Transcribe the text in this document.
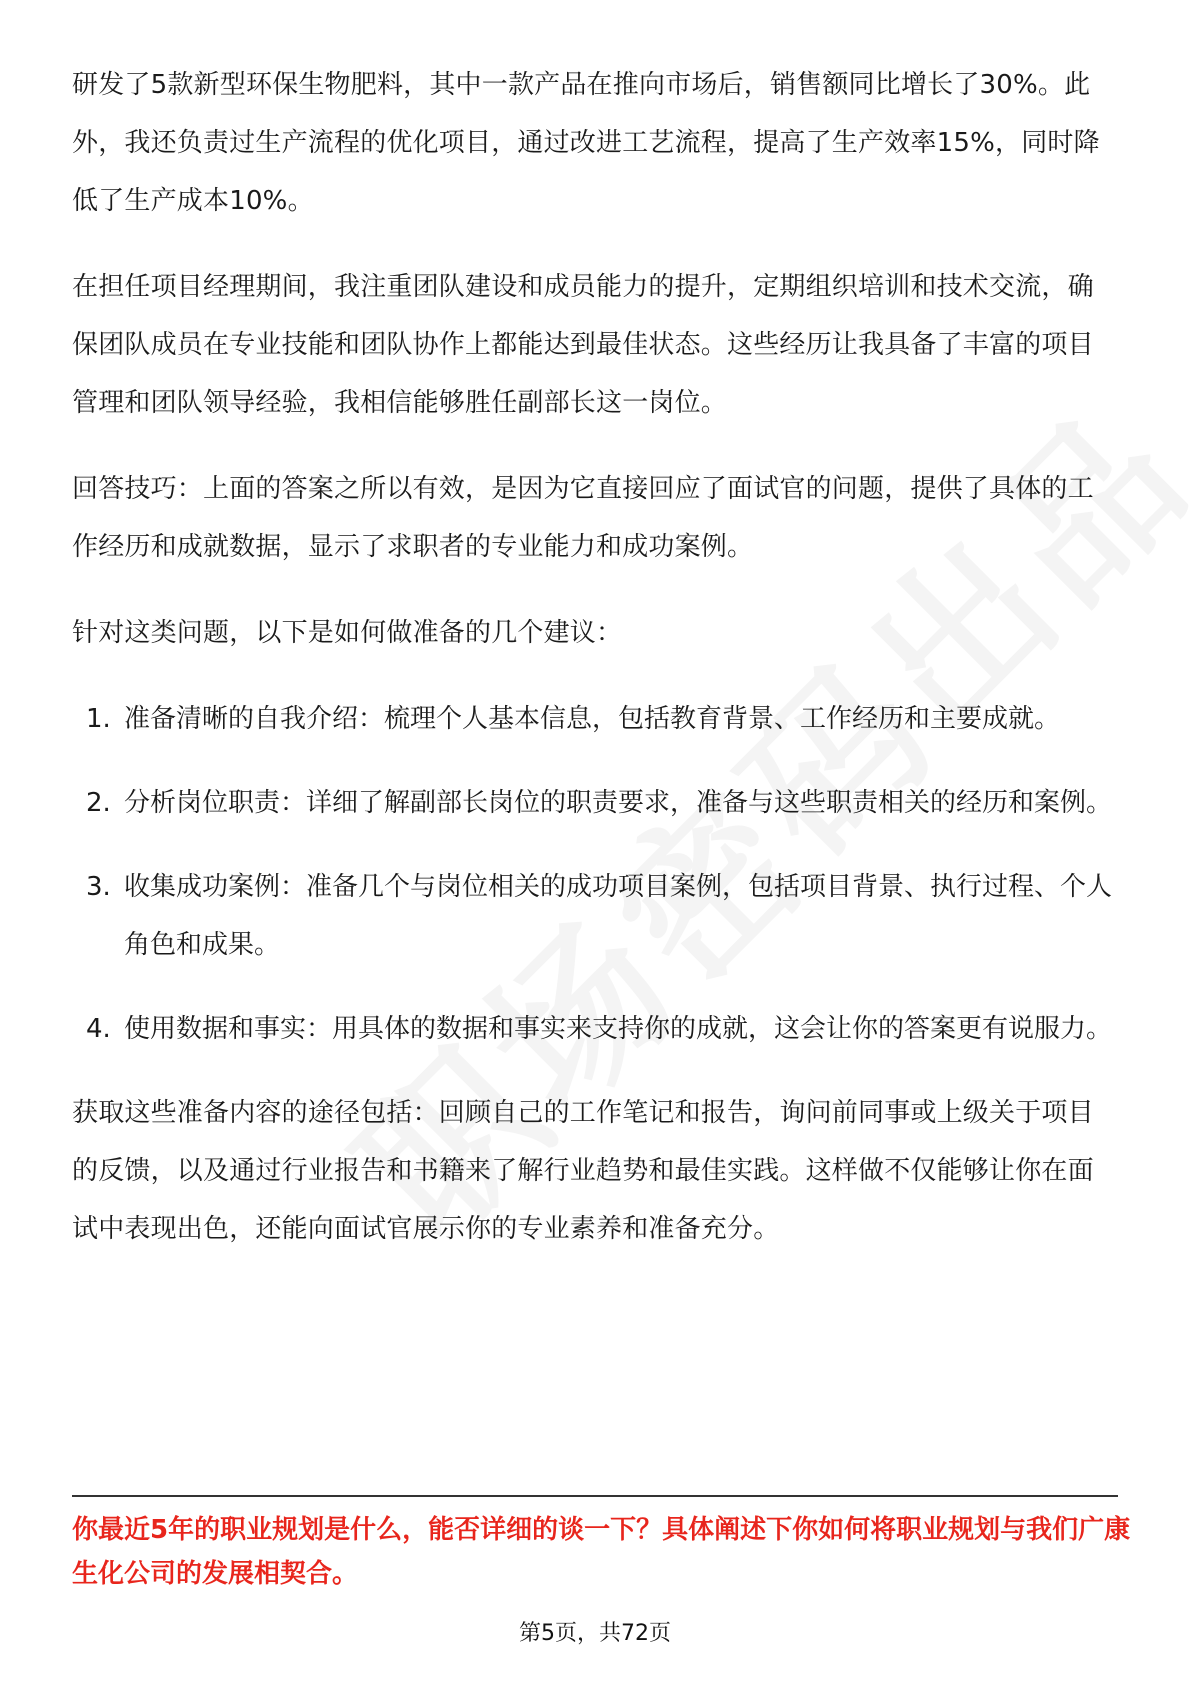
研发了5款新型环保生物肥料，其中一款产品在推向市场后，销售额同比增长了30%。此外，我还负责过生产流程的优化项目，通过改进工艺流程，提高了生产效率15%，同时降低了生产成本10%。

在担任项目经理期间，我注重团队建设和成员能力的提升，定期组织培训和技术交流，确保团队成员在专业技能和团队协作上都能达到最佳状态。这些经历让我具备了丰富的项目管理和团队领导经验，我相信能够胜任副部长这一岗位。

回答技巧：上面的答案之所以有效，是因为它直接回应了面试官的问题，提供了具体的工作经历和成就数据，显示了求职者的专业能力和成功案例。

针对这类问题，以下是如何做准备的几个建议：

1. 准备清晰的自我介绍：梳理个人基本信息，包括教育背景、工作经历和主要成就。
2. 分析岗位职责：详细了解副部长岗位的职责要求，准备与这些职责相关的经历和案例。
3. 收集成功案例：准备几个与岗位相关的成功项目案例，包括项目背景、执行过程、个人角色和成果。
4. 使用数据和事实：用具体的数据和事实来支持你的成就，这会让你的答案更有说服力。

获取这些准备内容的途径包括：回顾自己的工作笔记和报告，询问前同事或上级关于项目的反馈，以及通过行业报告和书籍来了解行业趋势和最佳实践。这样做不仅能够让你在面试中表现出色，还能向面试官展示你的专业素养和准备充分。

你最近5年的职业规划是什么，能否详细的谈一下？具体阐述下你如何将职业规划与我们广康生化公司的发展相契合。

第5页，共72页
